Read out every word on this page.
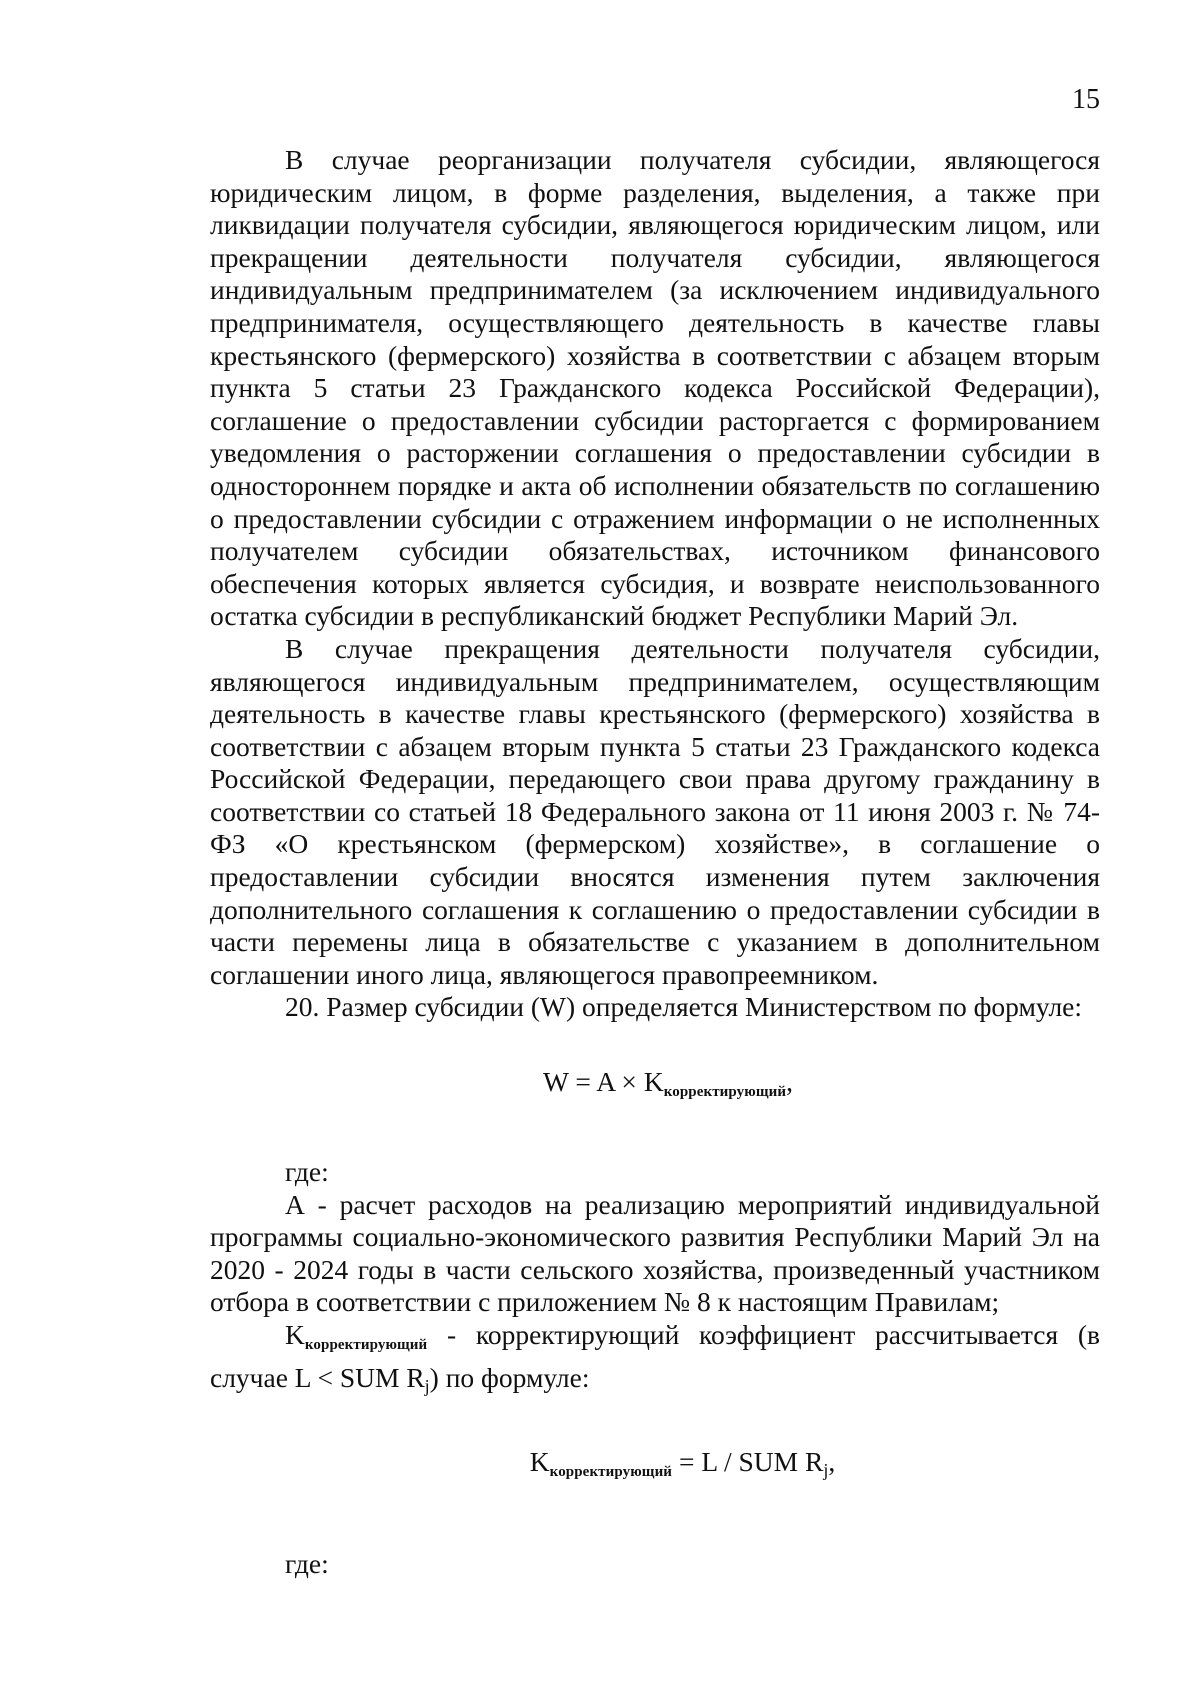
15

В случае реорганизации получателя субсидии, являющегося юридическим лицом, в форме разделения, выделения, а также при ликвидации получателя субсидии, являющегося юридическим лицом, или прекращении деятельности получателя субсидии, являющегося индивидуальным предпринимателем (за исключением индивидуального предпринимателя, осуществляющего деятельность в качестве главы крестьянского (фермерского) хозяйства в соответствии с абзацем вторым пункта 5 статьи 23 Гражданского кодекса Российской Федерации), соглашение о предоставлении субсидии расторгается с формированием уведомления о расторжении соглашения о предоставлении субсидии в одностороннем порядке и акта об исполнении обязательств по соглашению о предоставлении субсидии с отражением информации о не исполненных получателем субсидии обязательствах, источником финансового обеспечения которых является субсидия, и возврате неиспользованного остатка субсидии в республиканский бюджет Республики Марий Эл.

В случае прекращения деятельности получателя субсидии, являющегося индивидуальным предпринимателем, осуществляющим деятельность в качестве главы крестьянского (фермерского) хозяйства в соответствии с абзацем вторым пункта 5 статьи 23 Гражданского кодекса Российской Федерации, передающего свои права другому гражданину в соответствии со статьей 18 Федерального закона от 11 июня 2003 г. № 74-ФЗ «О крестьянском (фермерском) хозяйстве», в соглашение о предоставлении субсидии вносятся изменения путем заключения дополнительного соглашения к соглашению о предоставлении субсидии в части перемены лица в обязательстве с указанием в дополнительном соглашении иного лица, являющегося правопреемником.

20. Размер субсидии (W) определяется Министерством по формуле:

$W = A \times K_{корректирующий}$,

где:

А - расчет расходов на реализацию мероприятий индивидуальной программы социально-экономического развития Республики Марий Эл на 2020 - 2024 годы в части сельского хозяйства, произведенный участником отбора в соответствии с приложением № 8 к настоящим Правилам;

$K_{корректирующий}$ - корректирующий коэффициент рассчитывается (в случае L < SUM Rj) по формуле:

$K_{корректирующий} = L$ / SUM Rj,

где:
